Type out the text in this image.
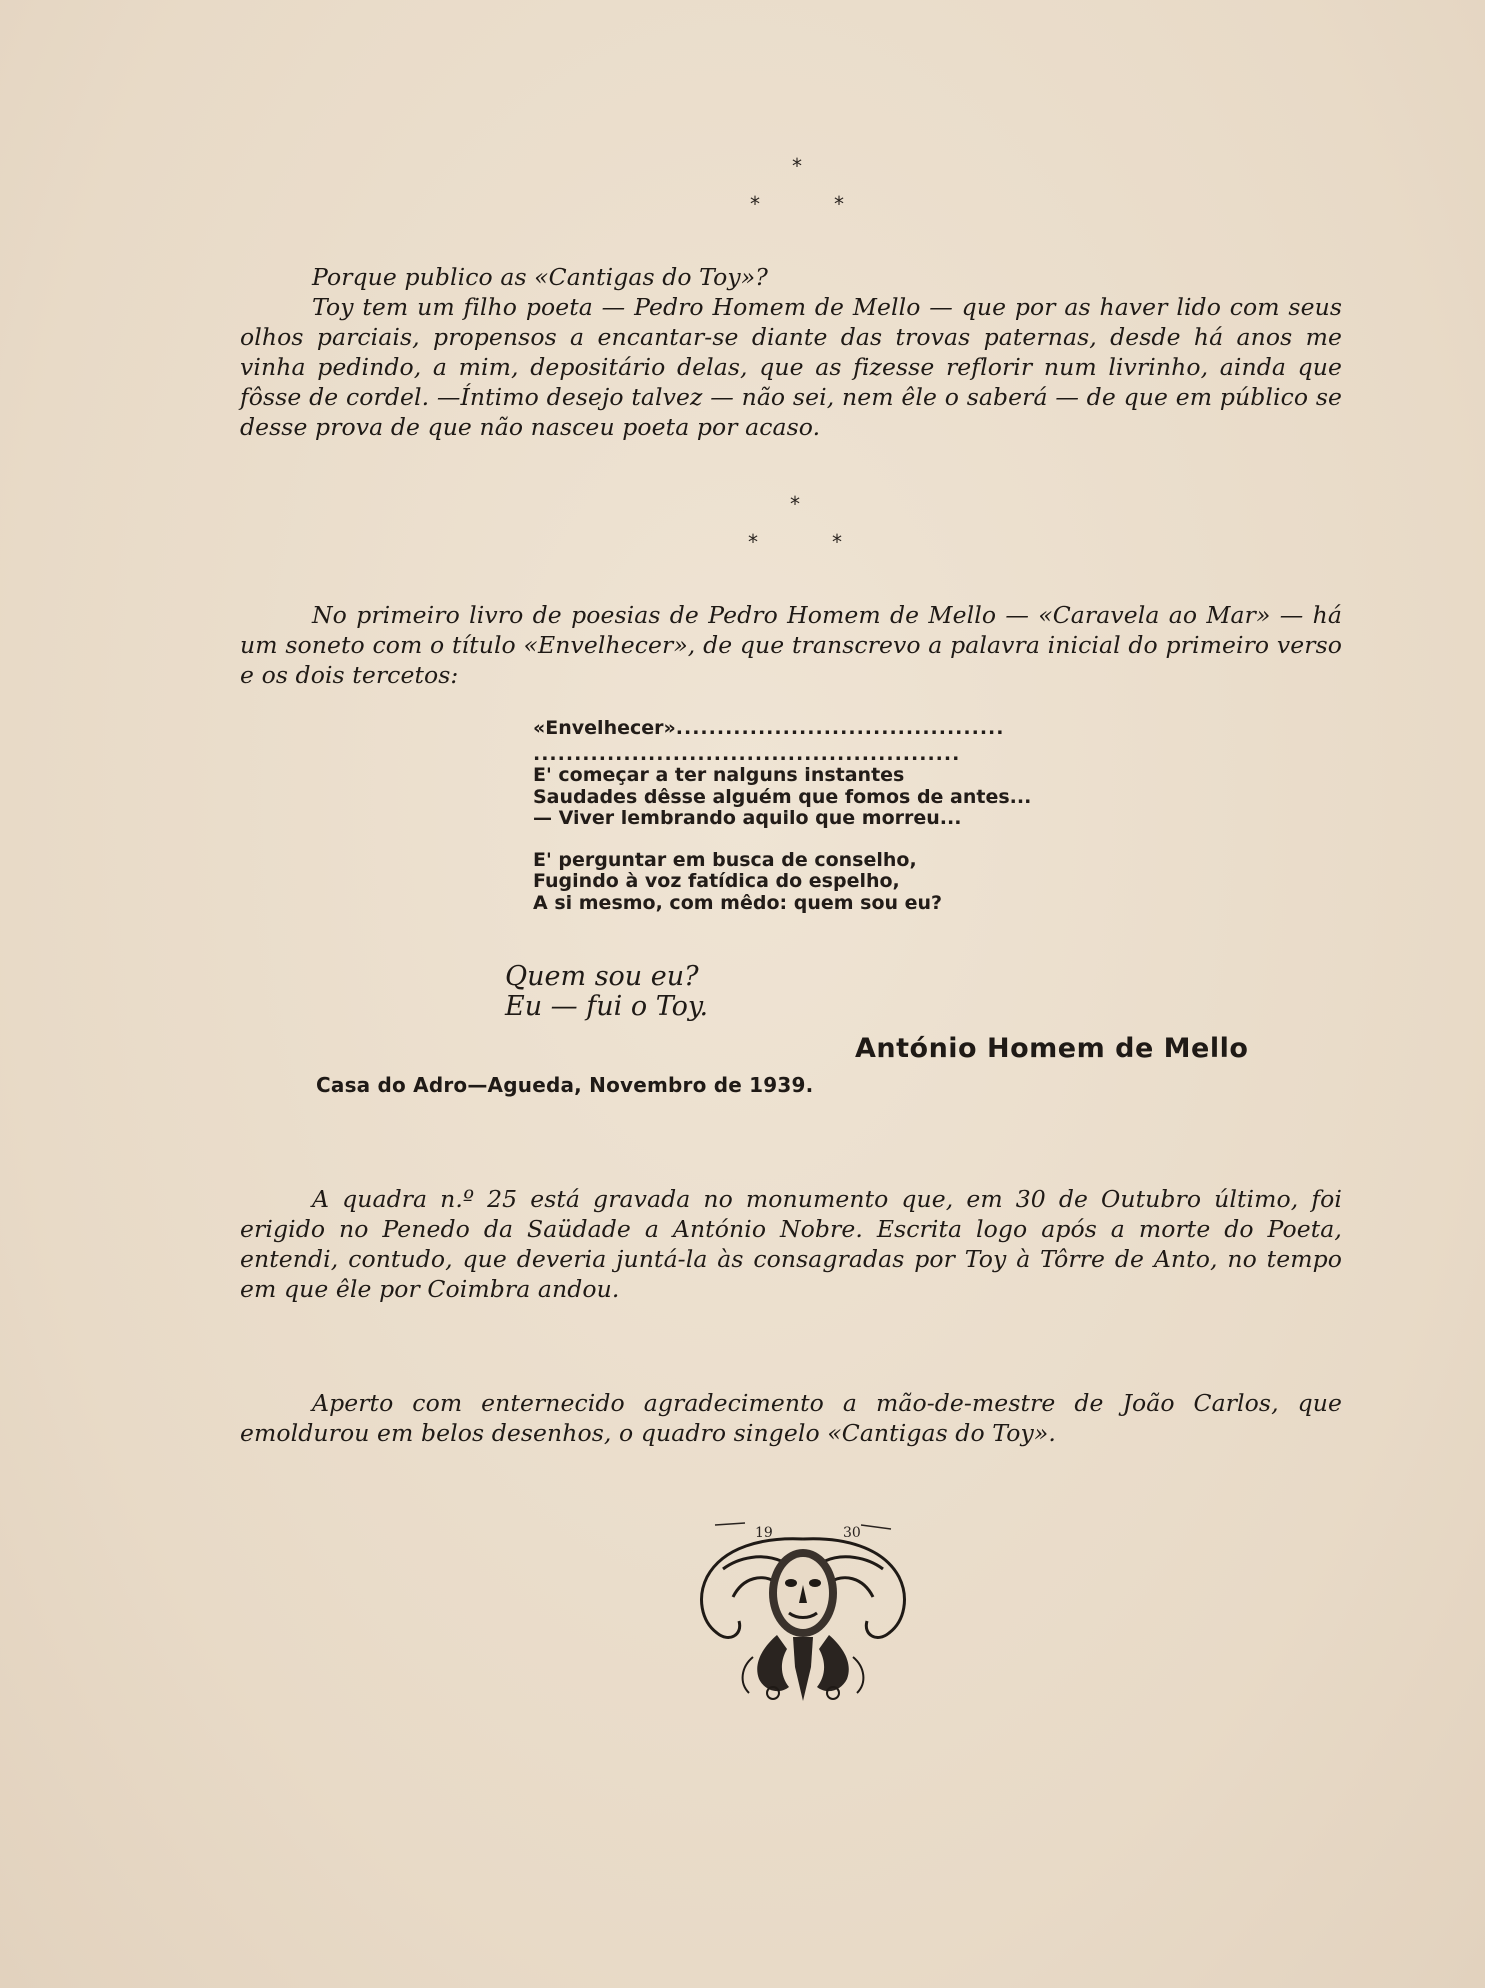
*
*	*

Porque publico as «Cantigas do Toy»?

Toy tem um filho poeta — Pedro Homem de Mello — que por as haver lido com seus olhos parciais, propensos a encantar-se diante das trovas paternas, desde há anos me vinha pedindo, a mim, depositário delas, que as fizesse reflorir num livrinho, ainda que fôsse de cordel. —Íntimo desejo talvez — não sei, nem êle o saberá — de que em público se desse prova de que não nasceu poeta por acaso.

*
*	*

No primeiro livro de poesias de Pedro Homem de Mello — «Caravela ao Mar» — há um soneto com o título «Envelhecer», de que transcrevo a palavra inicial do primeiro verso e os dois tercetos:

«Envelhecer»........................................
....................................................
E' começar a ter nalguns instantes
Saudades dêsse alguém que fomos de antes...
— Viver lembrando aquilo que morreu...
E' perguntar em busca de conselho,
Fugindo à voz fatídica do espelho,
A si mesmo, com mêdo: quem sou eu?
Quem sou eu?
Eu — fui o Toy.
António Homem de Mello
Casa do Adro—Agueda, Novembro de 1939.

A quadra n.º 25 está gravada no monumento que, em 30 de Outubro último, foi erigido no Penedo da Saüdade a António Nobre. Escrita logo após a morte do Poeta, entendi, contudo, que deveria juntá-la às consagradas por Toy à Tôrre de Anto, no tempo em que êle por Coimbra andou.

Aperto com enternecido agradecimento a mão-de-mestre de João Carlos, que emoldurou em belos desenhos, o quadro singelo «Cantigas do Toy».

19	30
